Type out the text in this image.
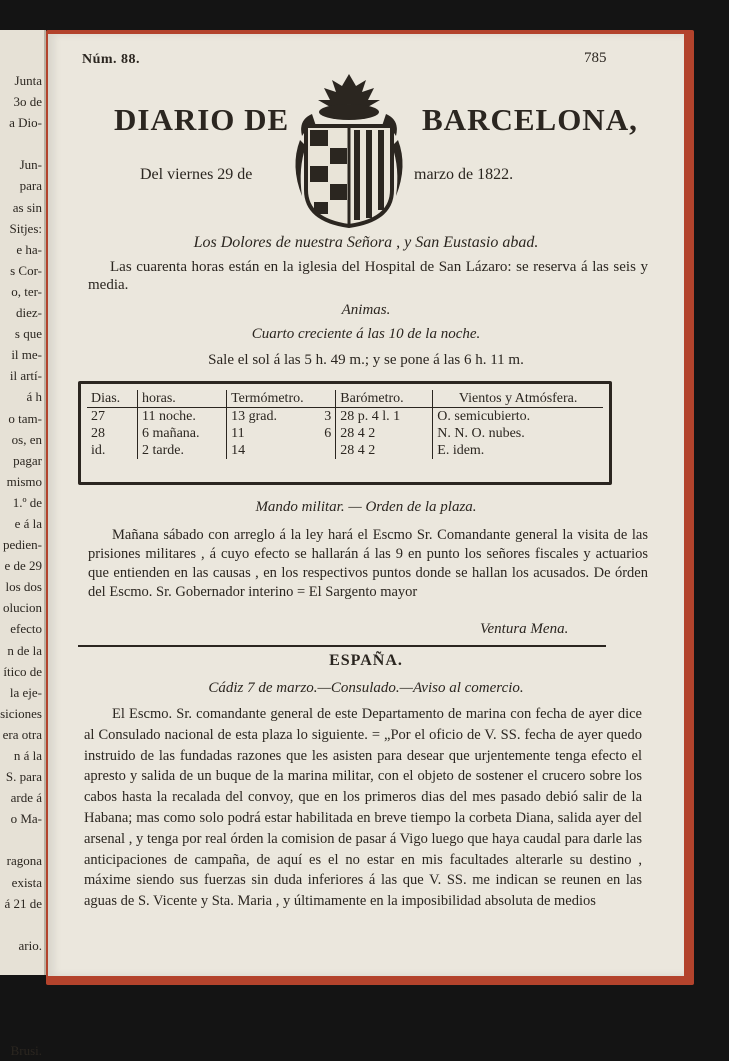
Junta
3o de
a Dio-

Jun-
para
as sin
Sitjes:
e ha-
s Cor-
o, ter-
diez-
s que
il me-
il artí-
á h
o tam-
os, en
pagar
mismo
1.º de
e á la
pedien-
e de 29
los dos
olucion
efecto
n de la
ítico de
la eje-
siciones
era otra
n á la
S. para
arde á
o Ma-

ragona
exista
á 21 de

ario.

Brusi.
Núm. 88.	785
DIARIO DE	BARCELONA,
Del viernes 29 de	marzo de 1822.
Los Dolores de nuestra Señora , y San Eustasio abad.
Las cuarenta horas están en la iglesia del Hospital de San Lázaro: se reserva á las seis y media.
Animas.
Cuarto creciente á las 10 de la noche.
Sale el sol á las 5 h. 49 m.; y se pone á las 6 h. 11 m.
Dias.	horas.	Termómetro.		Barómetro.	Vientos y Atmósfera.
27	11 noche.	13 grad.	3	28 p. 4 l. 1	O. semicubierto.
28	6 mañana.	11	6	28 4 2	N. N. O. nubes.
id.	2 tarde.	14		28 4 2	E. idem.
Mando militar. — Orden de la plaza.
Mañana sábado con arreglo á la ley hará el Escmo Sr. Comandante general la visita de las prisiones militares , á cuyo efecto se hallarán á las 9 en punto los señores fiscales y actuarios que entienden en las causas , en los respectivos puntos donde se hallan los acusados. De órden del Escmo. Sr. Gobernador interino = El Sargento mayor
Ventura Mena.
ESPAÑA.
Cádiz 7 de marzo.—Consulado.—Aviso al comercio.

El Escmo. Sr. comandante general de este Departamento de marina con fecha de ayer dice al Consulado nacional de esta plaza lo siguiente. = „Por el oficio de V. SS. fecha de ayer quedo instruido de las fundadas razones que les asisten para desear que urjentemente tenga efecto el apresto y salida de un buque de la marina militar, con el objeto de sostener el crucero sobre los cabos hasta la recalada del convoy, que en los primeros dias del mes pasado debió salir de la Habana; mas como solo podrá estar habilitada en breve tiempo la corbeta Diana, salida ayer del arsenal , y tenga por real órden la comision de pasar á Vigo luego que haya caudal para darle las anticipaciones de campaña, de aquí es el no estar en mis facultades alterarle su destino , máxime siendo sus fuerzas sin duda inferiores á las que V. SS. me indican se reunen en las aguas de S. Vicente y Sta. Maria , y últimamente en la imposibilidad absoluta de medios
